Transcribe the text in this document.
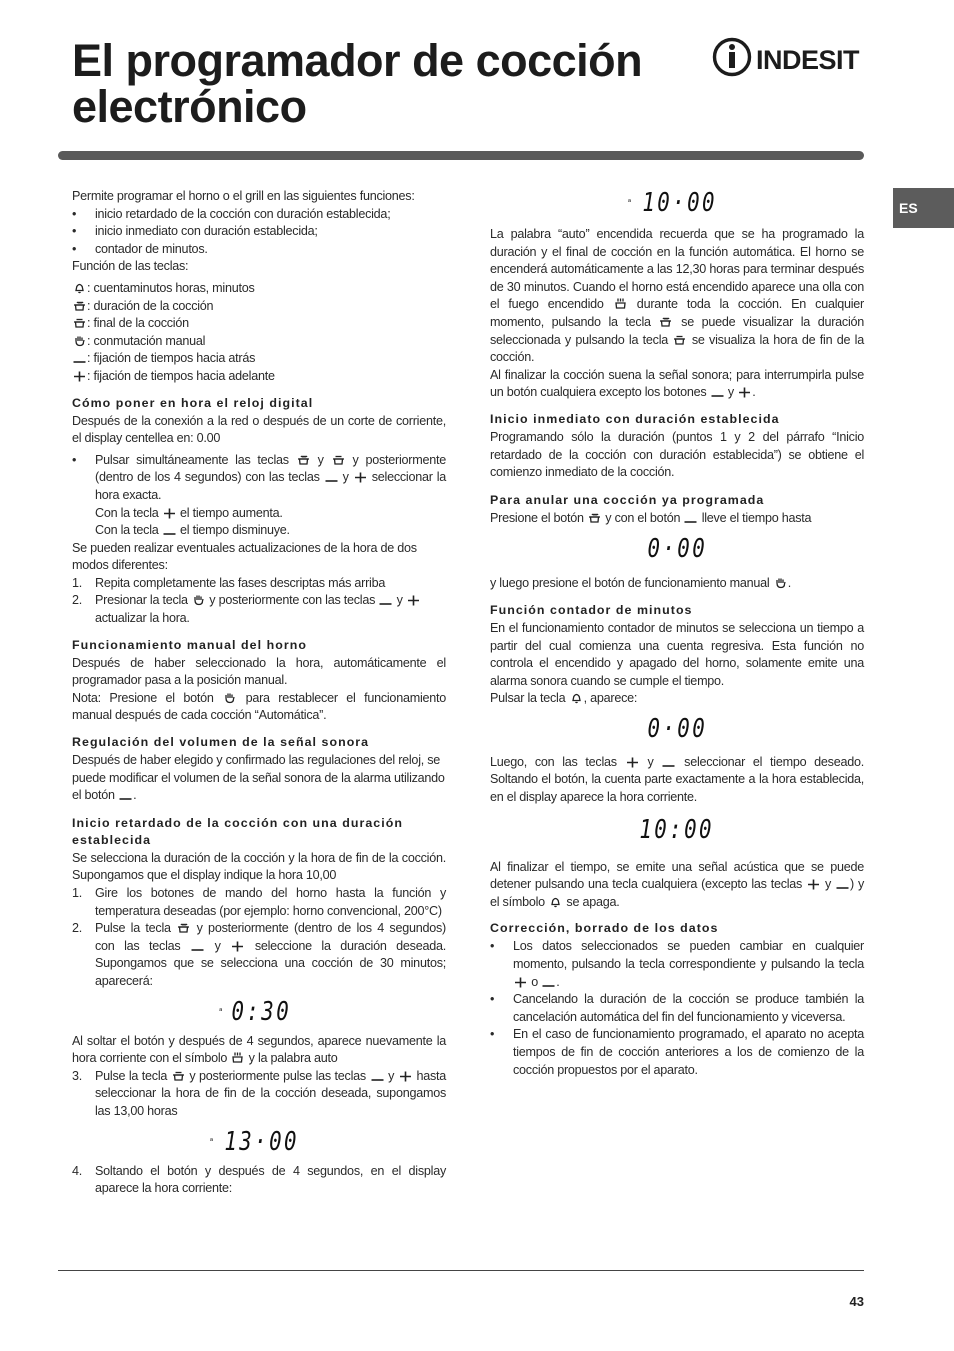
El programador de cocción
electrónico
INDESIT
ES

Permite programar el horno o el grill en las siguientes funciones:

• inicio retardado de la cocción con duración establecida;
• inicio inmediato con duración establecida;
• contador de minutos.

Función de las teclas:

: cuentaminutos horas, minutos

: duración de la cocción

: final de la cocción

: conmutación manual

: fijación de tiempos hacia atrás

: fijación de tiempos hacia adelante

Cómo poner en hora el reloj digital

Después de la conexión a la red o después de un corte de corriente, el display centellea en: 0.00

• Pulsar simultáneamente las teclas
y
y posteriormente (dentro de los 4 segundos) con las teclas
y
seleccionar la hora exacta.

Con la tecla
el tiempo aumenta.

Con la tecla
el tiempo disminuye.

Se pueden realizar eventuales actualizaciones de la hora de dos modos diferentes:

1. Repita completamente las fases descriptas más arriba
2. Presionar la tecla
y posteriormente con las teclas
y
actualizar la hora.
Funcionamiento manual del horno

Después de haber seleccionado la hora, automáticamente el programador pasa a la posición manual.

Nota: Presione el botón
para restablecer el funcionamiento manual después de cada cocción “Automática”.

Regulación del volumen de la señal sonora

Después de haber elegido y confirmado las regulaciones del reloj, se puede modificar el volumen de la señal sonora de la alarma utilizando el botón
.

Inicio retardado de la cocción con una duración establecida

Se selecciona la duración de la cocción y la hora de fin de la cocción. Supongamos que el display indique la hora 10,00

1. Gire los botones de mando del horno hasta la función y temperatura deseadas (por ejemplo: horno convencional, 200°C)
2. Pulse la tecla
y posteriormente (dentro de los 4 segundos) con las teclas
y
seleccione la duración deseada. Supongamos que se selecciona una cocción de 30 minutos; aparecerá:
ᵃ 0:30

Al soltar el botón y después de 4 segundos, aparece nuevamente la hora corriente con el símbolo
y la palabra auto

3. Pulse la tecla
y posteriormente pulse las teclas
y
hasta seleccionar la hora de fin de la cocción deseada, supongamos las 13,00 horas
ᵃ 13·00
4. Soltando el botón y después de 4 segundos, en el display aparece la hora corriente:
ᵃ 10·00

La palabra “auto” encendida recuerda que se ha programado la duración y el final de cocción en la función automática. El horno se encenderá automáticamente a las 12,30 horas para terminar después de 30 minutos. Cuando el horno está encendido aparece una olla con el fuego encendido
durante toda la cocción. En cualquier momento, pulsando la tecla
se puede visualizar la duración seleccionada y pulsando la tecla
se visualiza la hora de fin de la cocción.

Al finalizar la cocción suena la señal sonora; para interrumpirla pulse un botón cualquiera excepto los botones
y
.

Inicio inmediato con duración establecida

Programando sólo la duración (puntos 1 y 2 del párrafo “Inicio retardado de la cocción con duración establecida”) se obtiene el comienzo inmediato de la cocción.

Para anular una cocción ya programada

Presione el botón
y con el botón
lleve el tiempo hasta

0·00

y luego presione el botón de funcionamiento manual
.

Función contador de minutos

En el funcionamiento contador de minutos se selecciona un tiempo a partir del cual comienza una cuenta regresiva. Esta función no controla el encendido y apagado del horno, solamente emite una alarma sonora cuando se cumple el tiempo.

Pulsar la tecla
, aparece:

0·00

Luego, con las teclas
y
seleccionar el tiempo deseado. Soltando el botón, la cuenta parte exactamente a la hora establecida, en el display aparece la hora corriente.

10:00

Al finalizar el tiempo, se emite una señal acústica que se puede detener pulsando una tecla cualquiera (excepto las teclas
y
) y el símbolo
se apaga.

Corrección, borrado de los datos
• Los datos seleccionados se pueden cambiar en cualquier momento, pulsando la tecla correspondiente y pulsando la tecla
o
.
• Cancelando la duración de la cocción se produce también la cancelación automática del fin del funcionamiento y viceversa.
• En el caso de funcionamiento programado, el aparato no acepta tiempos de fin de cocción anteriores a los de comienzo de la cocción propuestos por el aparato.
43
